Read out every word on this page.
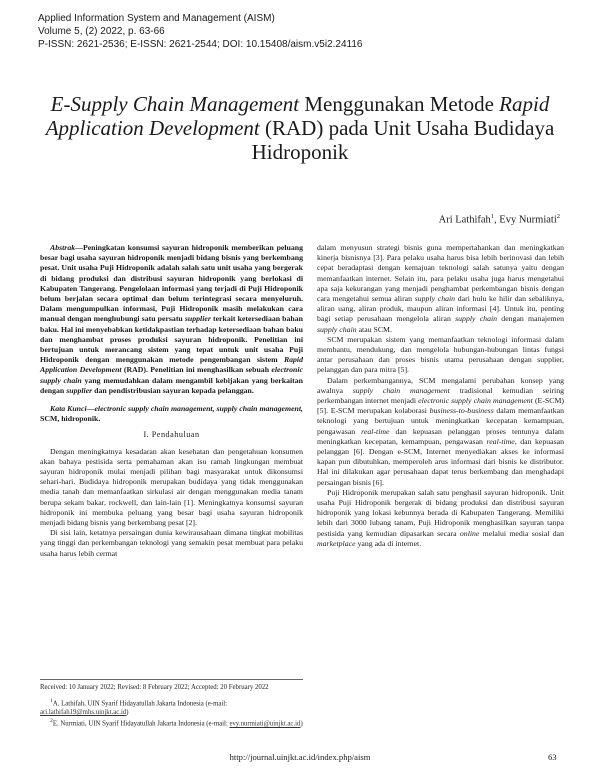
Applied Information System and Management (AISM)
Volume 5, (2) 2022, p. 63-66
P-ISSN: 2621-2536; E-ISSN: 2621-2544; DOI: 10.15408/aism.v5i2.24116
E-Supply Chain Management Menggunakan Metode Rapid Application Development (RAD) pada Unit Usaha Budidaya Hidroponik
Ari Lathifah$^1$, Evy Nurmiati$^2$

Abstrak—Peningkatan konsumsi sayuran hidroponik memberikan peluang besar bagi usaha sayuran hidroponik menjadi bidang bisnis yang berkembang pesat. Unit usaha Puji Hidroponik adalah salah satu unit usaha yang bergerak di bidang produksi dan distribusi sayuran hidroponik yang berlokasi di Kabupaten Tangerang. Pengelolaan informasi yang terjadi di Puji Hidroponik belum berjalan secara optimal dan belum terintegrasi secara menyeluruh. Dalam mengumpulkan informasi, Puji Hidroponik masih melakukan cara manual dengan menghubungi satu persatu supplier terkait ketersediaan bahan baku. Hal ini menyebabkan ketidakpastian terhadap ketersediaan bahan baku dan menghambat proses produksi sayuran hidroponik. Penelitian ini bertujuan untuk merancang sistem yang tepat untuk unit usaha Puji Hidroponik dengan menggunakan metode pengembangan sistem Rapid Application Development (RAD). Penelitian ini menghasilkan sebuah electronic supply chain yang memudahkan dalam mengambil kebijakan yang berkaitan dengan supplier dan pendistribusian sayuran kepada pelanggan.

Kata Kunci—electronic supply chain management, supply chain management, SCM, hidroponik.

I. Pendahuluan

Dengan meningkatnya kesadaran akan kesehatan dan pengetahuan konsumen akan bahaya pestisida serta pemahaman akan isu ramah lingkungan membuat sayuran hidroponik mulai menjadi pilihan bagi masyarakat untuk dikonsumsi sehari-hari. Budidaya hidroponik merupakan budidaya yang tidak menggunakan media tanah dan memanfaatkan sirkulasi air dengan menggunakan media tanam berupa sekam bakar, rockwell, dan lain-lain [1]. Meningkatnya konsumsi sayuran hidroponik ini membuka peluang yang besar bagi usaha sayuran hidroponik menjadi bidang bisnis yang berkembang pesat [2].

Di sisi lain, ketatnya persaingan dunia kewirausahaan dimana tingkat mobilitas yang tinggi dan perkembangan teknologi yang semakin pesat membuat para pelaku usaha harus lebih cermat

Received: 10 January 2022; Revised: 8 February 2022; Accepted: 20 February 2022

$^1$A. Lathifah, UIN Syarif Hidayatullah Jakarta Indonesia (e-mail: ari.lathifah19@mhs.uinjkt.ac.id)

$^2$E. Nurmiati, UIN Syarif Hidayatullah Jakarta Indonesia (e-mail: evy.nurmiati@uinjkt.ac.id)

dalam menyusun strategi bisnis guna mempertahankan dan meningkatkan kinerja bisnisnya [3]. Para pelaku usaha harus bisa lebih berinovasi dan lebih cepat beradaptasi dengan kemajuan teknologi salah satunya yaitu dengan memanfaatkan internet. Selain itu, para pelaku usaha juga harus mengetahui apa saja kekurangan yang menjadi penghambat perkembangan bisnis dengan cara mengetahui semua aliran supply chain dari hulu ke hilir dan sebaliknya, aliran uang, aliran produk, maupun aliran informasi [4]. Untuk itu, penting bagi setiap perusahaan mengelola aliran supply chain dengan manajemen supply chain atau SCM.

SCM merupakan sistem yang memanfaatkan teknologi informasi dalam membantu, mendukung, dan mengelola hubungan-hubungan lintas fungsi antar perusahaan dan proses bisnis utama perusahaan dengan supplier, pelanggan dan para mitra [5].

Dalam perkembangannya, SCM mengalami perubahan konsep yang awalnya supply chain management tradisional kemudian seiring perkembangan internet menjadi electronic supply chain management (E-SCM) [5]. E-SCM merupakan kolaborasi business-to-business dalam memanfaatkan teknologi yang bertujuan untuk meningkatkan kecepatan kemampuan, pengawasan real-time dan kepuasan pelanggan proses tentunya dalam meningkatkan kecepatan, kemampuan, pengawasan real-time, dan kepuasan pelanggan [6]. Dengan e-SCM, Internet menyediakan akses ke informasi kapan pun dibutuhkan, memperoleh arus informasi dari bisnis ke distributor. Hal ini dilakukan agar perusahaan dapat terus berkembang dan menghadapi persaingan bisnis [6].

Puji Hidroponik merupakan salah satu penghasil sayuran hidroponik. Unit usaha Puji Hidroponik bergerak di bidang produksi dan distribusi sayuran hidroponik yang lokasi kebunnya berada di Kabupaten Tangerang. Memiliki lebih dari 3000 lubang tanam, Puji Hidroponik menghasilkan sayuran tanpa pestisida yang kemudian dipasarkan secara online melalui media sosial dan marketplace yang ada di internet.

http://journal.uinjkt.ac.id/index.php/aism	63
